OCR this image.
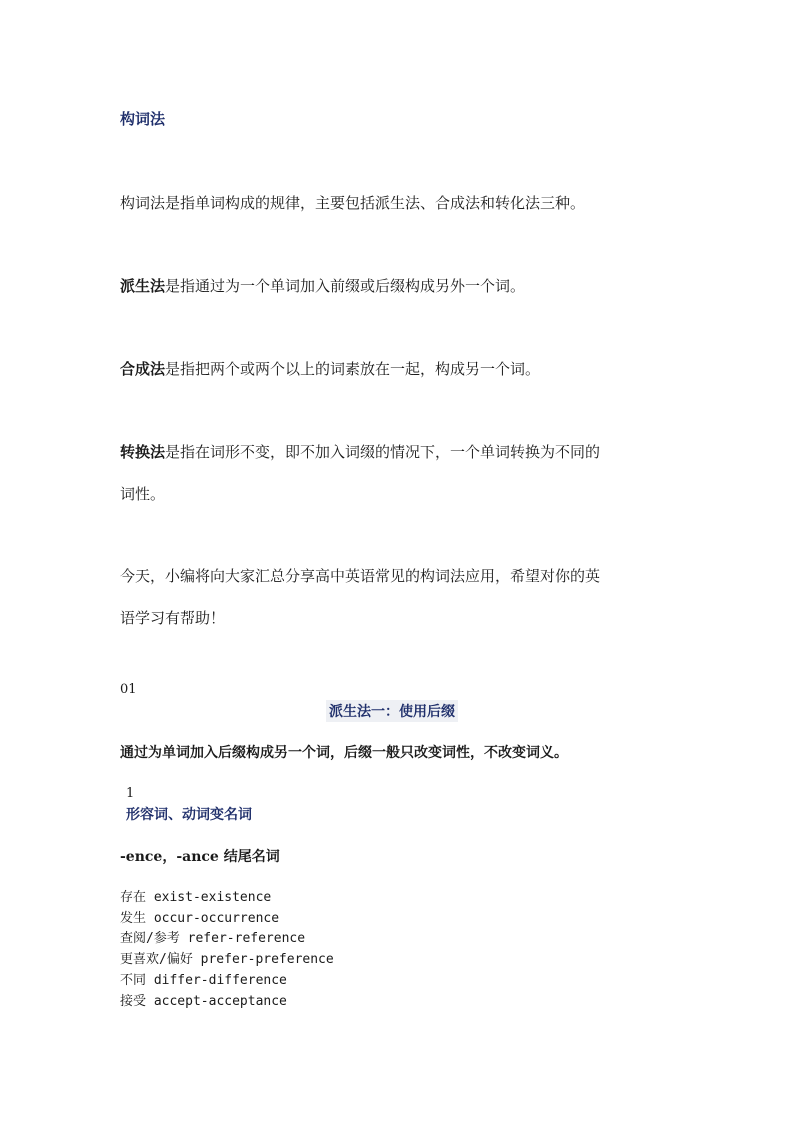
构词法
构词法是指单词构成的规律，主要包括派生法、合成法和转化法三种。
派生法是指通过为一个单词加入前缀或后缀构成另外一个词。
合成法是指把两个或两个以上的词素放在一起，构成另一个词。
转换法是指在词形不变，即不加入词缀的情况下，一个单词转换为不同的
词性。
今天，小编将向大家汇总分享高中英语常见的构词法应用，希望对你的英
语学习有帮助！
01
派生法一：使用后缀
通过为单词加入后缀构成另一个词，后缀一般只改变词性，不改变词义。
1
形容词、动词变名词
-ence，-ance 结尾名词
存在 exist-existence
发生 occur-occurrence
查阅/参考 refer-reference
更喜欢/偏好 prefer-preference
不同 differ-difference
接受 accept-acceptance
